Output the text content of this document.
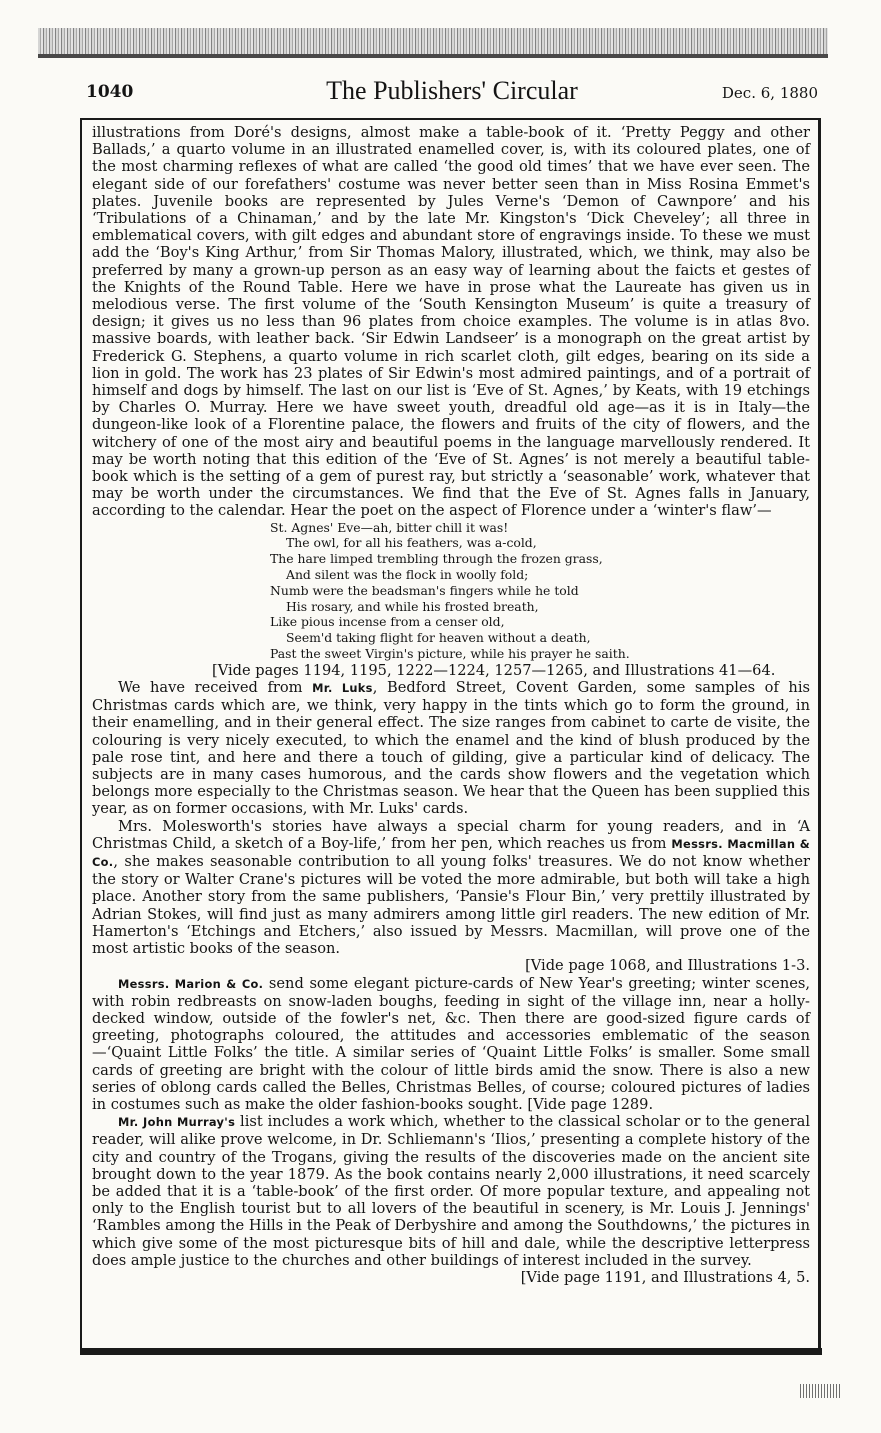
1040	The Publishers' Circular	Dec. 6, 1880

illustrations from Doré's designs, almost make a table-book of it. ‘Pretty Peggy and other Ballads,’ a quarto volume in an illustrated enamelled cover, is, with its coloured plates, one of the most charming reflexes of what are called ‘the good old times’ that we have ever seen. The elegant side of our forefathers' costume was never better seen than in Miss Rosina Emmet's plates. Juvenile books are represented by Jules Verne's ‘Demon of Cawnpore’ and his ‘Tribulations of a Chinaman,’ and by the late Mr. Kingston's ‘Dick Cheveley’; all three in emblematical covers, with gilt edges and abundant store of engravings inside. To these we must add the ‘Boy's King Arthur,’ from Sir Thomas Malory, illustrated, which, we think, may also be preferred by many a grown-up person as an easy way of learning about the faicts et gestes of the Knights of the Round Table. Here we have in prose what the Laureate has given us in melodious verse. The first volume of the ‘South Kensington Museum’ is quite a treasury of design; it gives us no less than 96 plates from choice examples. The volume is in atlas 8vo. massive boards, with leather back. ‘Sir Edwin Landseer’ is a monograph on the great artist by Frederick G. Stephens, a quarto volume in rich scarlet cloth, gilt edges, bearing on its side a lion in gold. The work has 23 plates of Sir Edwin's most admired paintings, and of a portrait of himself and dogs by himself. The last on our list is ‘Eve of St. Agnes,’ by Keats, with 19 etchings by Charles O. Murray. Here we have sweet youth, dreadful old age—as it is in Italy—the dungeon-like look of a Florentine palace, the flowers and fruits of the city of flowers, and the witchery of one of the most airy and beautiful poems in the language marvellously rendered. It may be worth noting that this edition of the ‘Eve of St. Agnes’ is not merely a beautiful table-book which is the setting of a gem of purest ray, but strictly a ‘seasonable’ work, whatever that may be worth under the circumstances. We find that the Eve of St. Agnes falls in January, according to the calendar. Hear the poet on the aspect of Florence under a ‘winter's flaw’—

St. Agnes' Eve—ah, bitter chill it was!
The owl, for all his feathers, was a-cold,
The hare limped trembling through the frozen grass,
And silent was the flock in woolly fold;
Numb were the beadsman's fingers while he told
His rosary, and while his frosted breath,
Like pious incense from a censer old,
Seem'd taking flight for heaven without a death,
Past the sweet Virgin's picture, while his prayer he saith.

[Vide pages 1194, 1195, 1222—1224, 1257—1265, and Illustrations 41—64.

We have received from Mr. Luks, Bedford Street, Covent Garden, some samples of his Christmas cards which are, we think, very happy in the tints which go to form the ground, in their enamelling, and in their general effect. The size ranges from cabinet to carte de visite, the colouring is very nicely executed, to which the enamel and the kind of blush produced by the pale rose tint, and here and there a touch of gilding, give a particular kind of delicacy. The subjects are in many cases humorous, and the cards show flowers and the vegetation which belongs more especially to the Christmas season. We hear that the Queen has been supplied this year, as on former occasions, with Mr. Luks' cards.

Mrs. Molesworth's stories have always a special charm for young readers, and in ‘A Christmas Child, a sketch of a Boy-life,’ from her pen, which reaches us from Messrs. Macmillan & Co., she makes seasonable contribution to all young folks' treasures. We do not know whether the story or Walter Crane's pictures will be voted the more admirable, but both will take a high place. Another story from the same publishers, ‘Pansie's Flour Bin,’ very prettily illustrated by Adrian Stokes, will find just as many admirers among little girl readers. The new edition of Mr. Hamerton's ‘Etchings and Etchers,’ also issued by Messrs. Macmillan, will prove one of the most artistic books of the season.

[Vide page 1068, and Illustrations 1-3.

Messrs. Marion & Co. send some elegant picture-cards of New Year's greeting; winter scenes, with robin redbreasts on snow-laden boughs, feeding in sight of the village inn, near a holly-decked window, outside of the fowler's net, &c. Then there are good-sized figure cards of greeting, photographs coloured, the attitudes and accessories emblematic of the season —‘Quaint Little Folks’ the title. A similar series of ‘Quaint Little Folks’ is smaller. Some small cards of greeting are bright with the colour of little birds amid the snow. There is also a new series of oblong cards called the Belles, Christmas Belles, of course; coloured pictures of ladies in costumes such as make the older fashion-books sought. [Vide page 1289.

Mr. John Murray's list includes a work which, whether to the classical scholar or to the general reader, will alike prove welcome, in Dr. Schliemann's ‘Ilios,’ presenting a complete history of the city and country of the Trogans, giving the results of the discoveries made on the ancient site brought down to the year 1879. As the book contains nearly 2,000 illustrations, it need scarcely be added that it is a ‘table-book’ of the first order. Of more popular texture, and appealing not only to the English tourist but to all lovers of the beautiful in scenery, is Mr. Louis J. Jennings' ‘Rambles among the Hills in the Peak of Derbyshire and among the Southdowns,’ the pictures in which give some of the most picturesque bits of hill and dale, while the descriptive letterpress does ample justice to the churches and other buildings of interest included in the survey.

[Vide page 1191, and Illustrations 4, 5.
